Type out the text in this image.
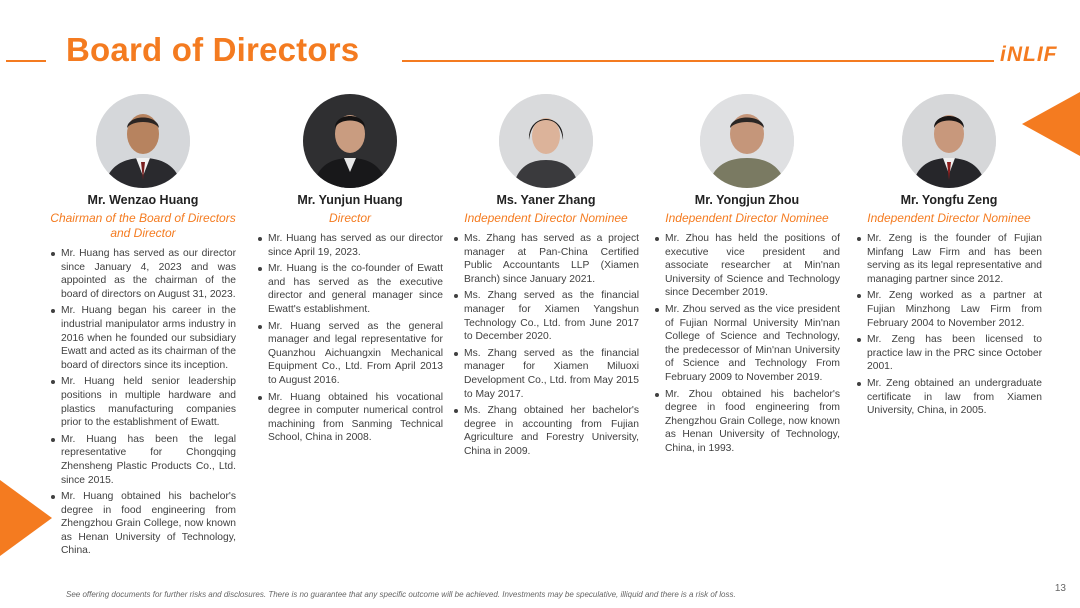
Board of Directors	iNLIF
Mr. Wenzao Huang
Chairman of the Board of Directors and Director
Mr. Huang has served as our director since January 4, 2023 and was appointed as the chairman of the board of directors on August 31, 2023.
Mr. Huang began his career in the industrial manipulator arms industry in 2016 when he founded our subsidiary Ewatt and acted as its chairman of the board of directors since its inception.
Mr. Huang held senior leadership positions in multiple hardware and plastics manufacturing companies prior to the establishment of Ewatt.
Mr. Huang has been the legal representative for Chongqing Zhensheng Plastic Products Co., Ltd. since 2015.
Mr. Huang obtained his bachelor's degree in food engineering from Zhengzhou Grain College, now known as Henan University of Technology, China.
Mr. Yunjun Huang
Director
Mr. Huang has served as our director since April 19, 2023.
Mr. Huang is the co-founder of Ewatt and has served as the executive director and general manager since Ewatt's establishment.
Mr. Huang served as the general manager and legal representative for Quanzhou Aichuangxin Mechanical Equipment Co., Ltd. From April 2013 to August 2016.
Mr. Huang obtained his vocational degree in computer numerical control machining from Sanming Technical School, China in 2008.
Ms. Yaner Zhang
Independent Director Nominee
Ms. Zhang has served as a project manager at Pan-China Certified Public Accountants LLP (Xiamen Branch) since January 2021.
Ms. Zhang served as the financial manager for Xiamen Yangshun Technology Co., Ltd. from June 2017 to December 2020.
Ms. Zhang served as the financial manager for Xiamen Miluoxi Development Co., Ltd. from May 2015 to May 2017.
Ms. Zhang obtained her bachelor's degree in accounting from Fujian Agriculture and Forestry University, China in 2009.
Mr. Yongjun Zhou
Independent Director Nominee
Mr. Zhou has held the positions of executive vice president and associate researcher at Min'nan University of Science and Technology since December 2019.
Mr. Zhou served as the vice president of Fujian Normal University Min'nan College of Science and Technology, the predecessor of Min'nan University of Science and Technology From February 2009 to November 2019.
Mr. Zhou obtained his bachelor's degree in food engineering from Zhengzhou Grain College, now known as Henan University of Technology, China, in 1993.
Mr. Yongfu Zeng
Independent Director Nominee
Mr. Zeng is the founder of Fujian Minfang Law Firm and has been serving as its legal representative and managing partner since 2012.
Mr. Zeng worked as a partner at Fujian Minzhong Law Firm from February 2004 to November 2012.
Mr. Zeng has been licensed to practice law in the PRC since October 2001.
Mr. Zeng obtained an undergraduate certificate in law from Xiamen University, China, in 2005.
See offering documents for further risks and disclosures. There is no guarantee that any specific outcome will be achieved. Investments may be speculative, illiquid and there is a risk of loss.
13
